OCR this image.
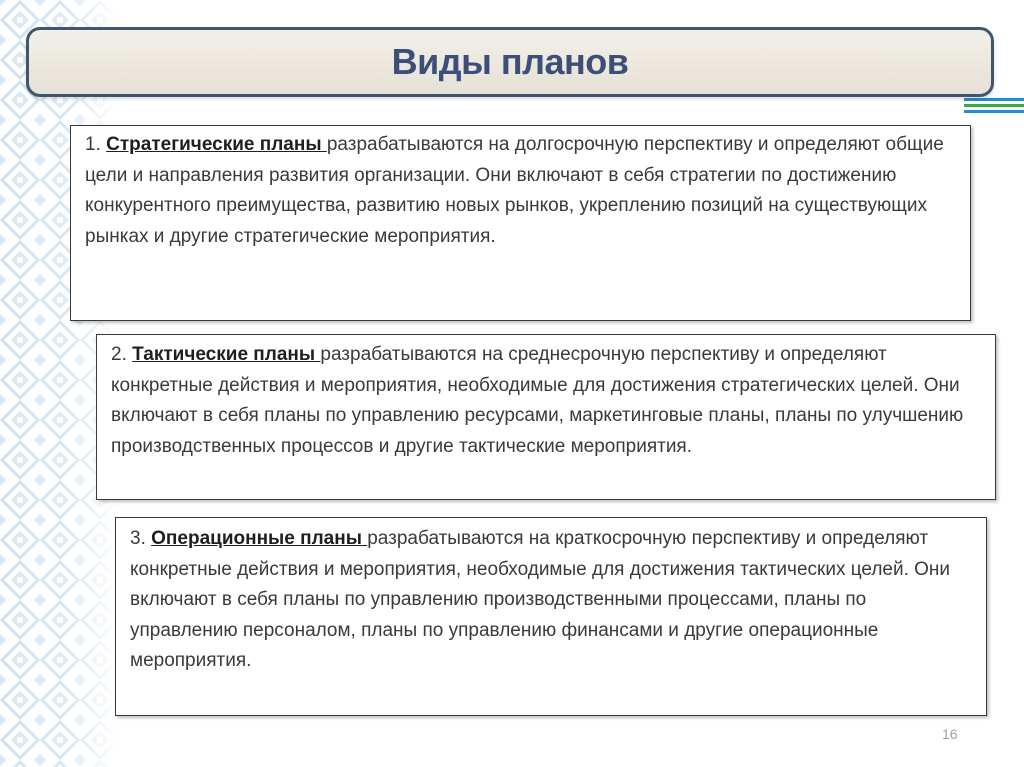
Виды планов
1. Стратегические планы разрабатываются на долгосрочную перспективу и определяют общие цели и направления развития организации. Они включают в себя стратегии по достижению конкурентного преимущества, развитию новых рынков, укреплению позиций на существующих рынках и другие стратегические мероприятия.
2. Тактические планы разрабатываются на среднесрочную перспективу и определяют конкретные действия и мероприятия, необходимые для достижения стратегических целей. Они включают в себя планы по управлению ресурсами, маркетинговые планы, планы по улучшению производственных процессов и другие тактические мероприятия.
3. Операционные планы разрабатываются на краткосрочную перспективу и определяют конкретные действия и мероприятия, необходимые для достижения тактических целей. Они включают в себя планы по управлению производственными процессами, планы по управлению персоналом, планы по управлению финансами и другие операционные мероприятия.
16
